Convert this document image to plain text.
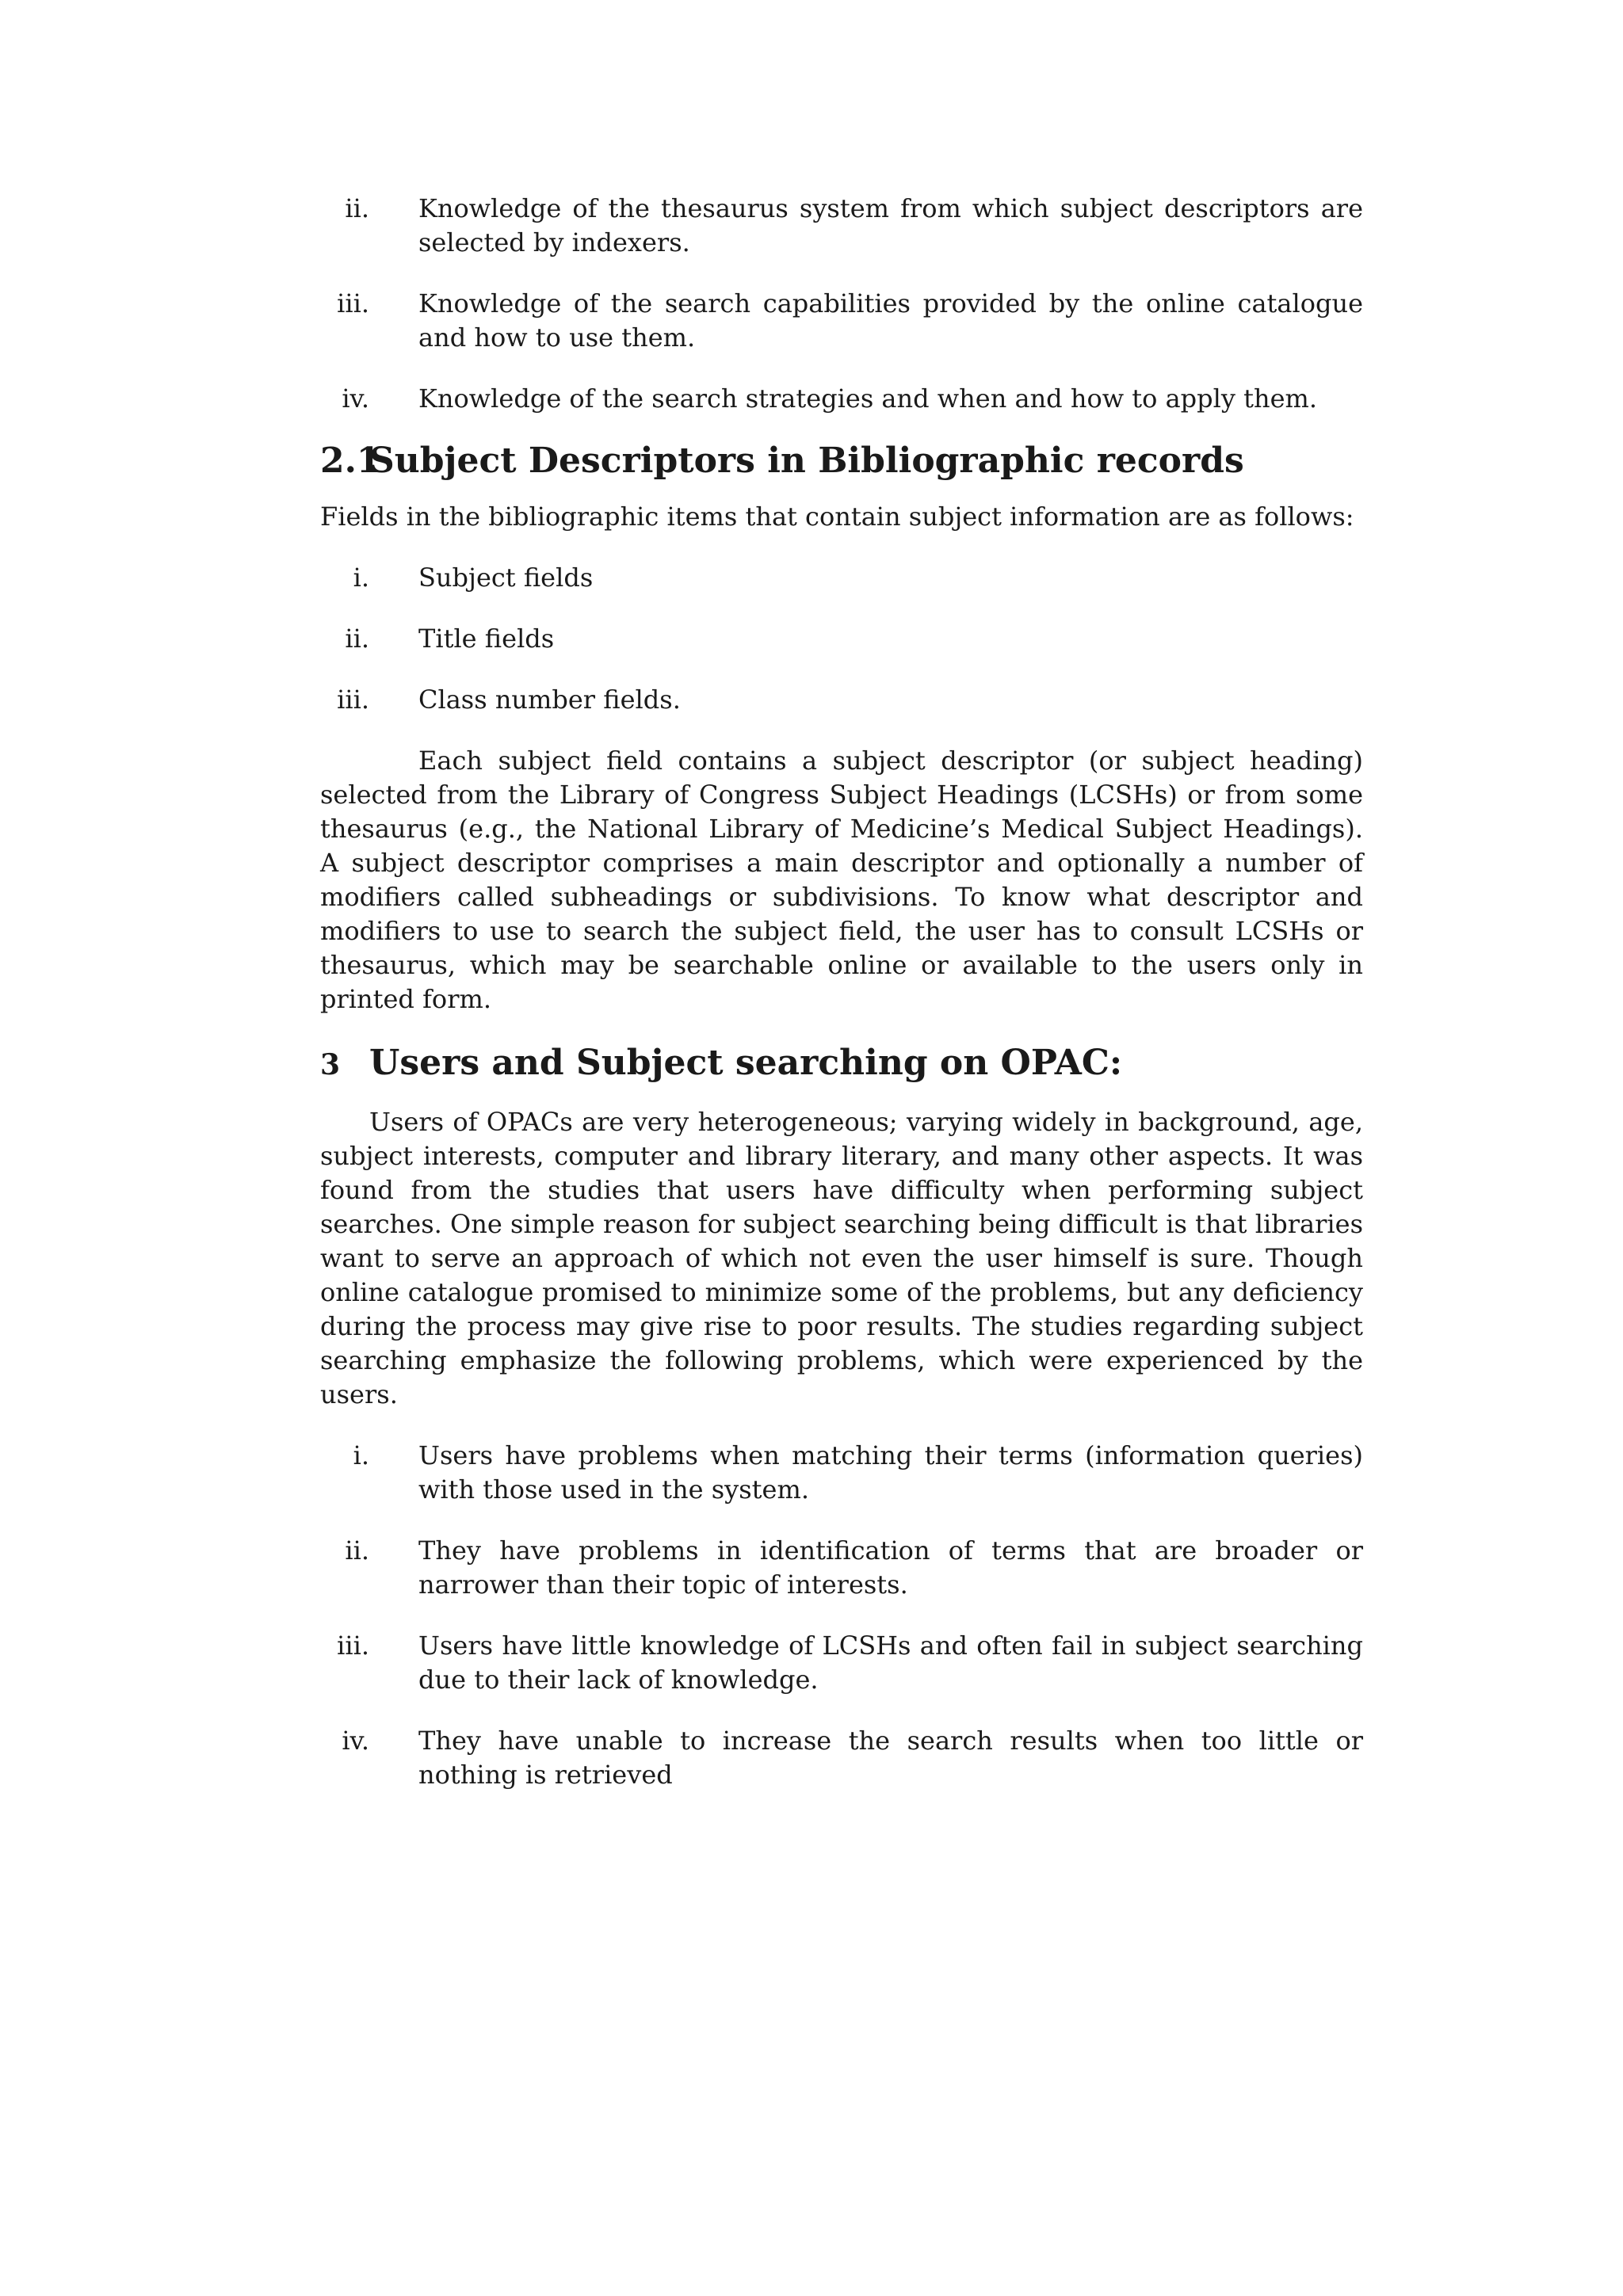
ii. Knowledge of the thesaurus system from which subject descriptors are selected by indexers.
iii. Knowledge of the search capabilities provided by the online catalogue and how to use them.
iv. Knowledge of the search strategies and when and how to apply them.
2.1Subject Descriptors in Bibliographic records

Fields in the bibliographic items that contain subject information are as follows:

i. Subject fields
ii. Title fields
iii. Class number fields.

Each subject field contains a subject descriptor (or subject heading) selected from the Library of Congress Subject Headings (LCSHs) or from some thesaurus (e.g., the National Library of Medicine’s Medical Subject Headings). A subject descriptor comprises a main descriptor and optionally a number of modifiers called subheadings or subdivisions. To know what descriptor and modifiers to use to search the subject field, the user has to consult LCSHs or thesaurus, which may be searchable online or available to the users only in printed form.

3 Users and Subject searching on OPAC:

Users of OPACs are very heterogeneous; varying widely in background, age, subject interests, computer and library literary, and many other aspects. It was found from the studies that users have difficulty when performing subject searches. One simple reason for subject searching being difficult is that libraries want to serve an approach of which not even the user himself is sure. Though online catalogue promised to minimize some of the problems, but any deficiency during the process may give rise to poor results. The studies regarding subject searching emphasize the following problems, which were experienced by the users.

i. Users have problems when matching their terms (information queries) with those used in the system.
ii. They have problems in identification of terms that are broader or narrower than their topic of interests.
iii. Users have little knowledge of LCSHs and often fail in subject searching due to their lack of knowledge.
iv. They have unable to increase the search results when too little or nothing is retrieved
